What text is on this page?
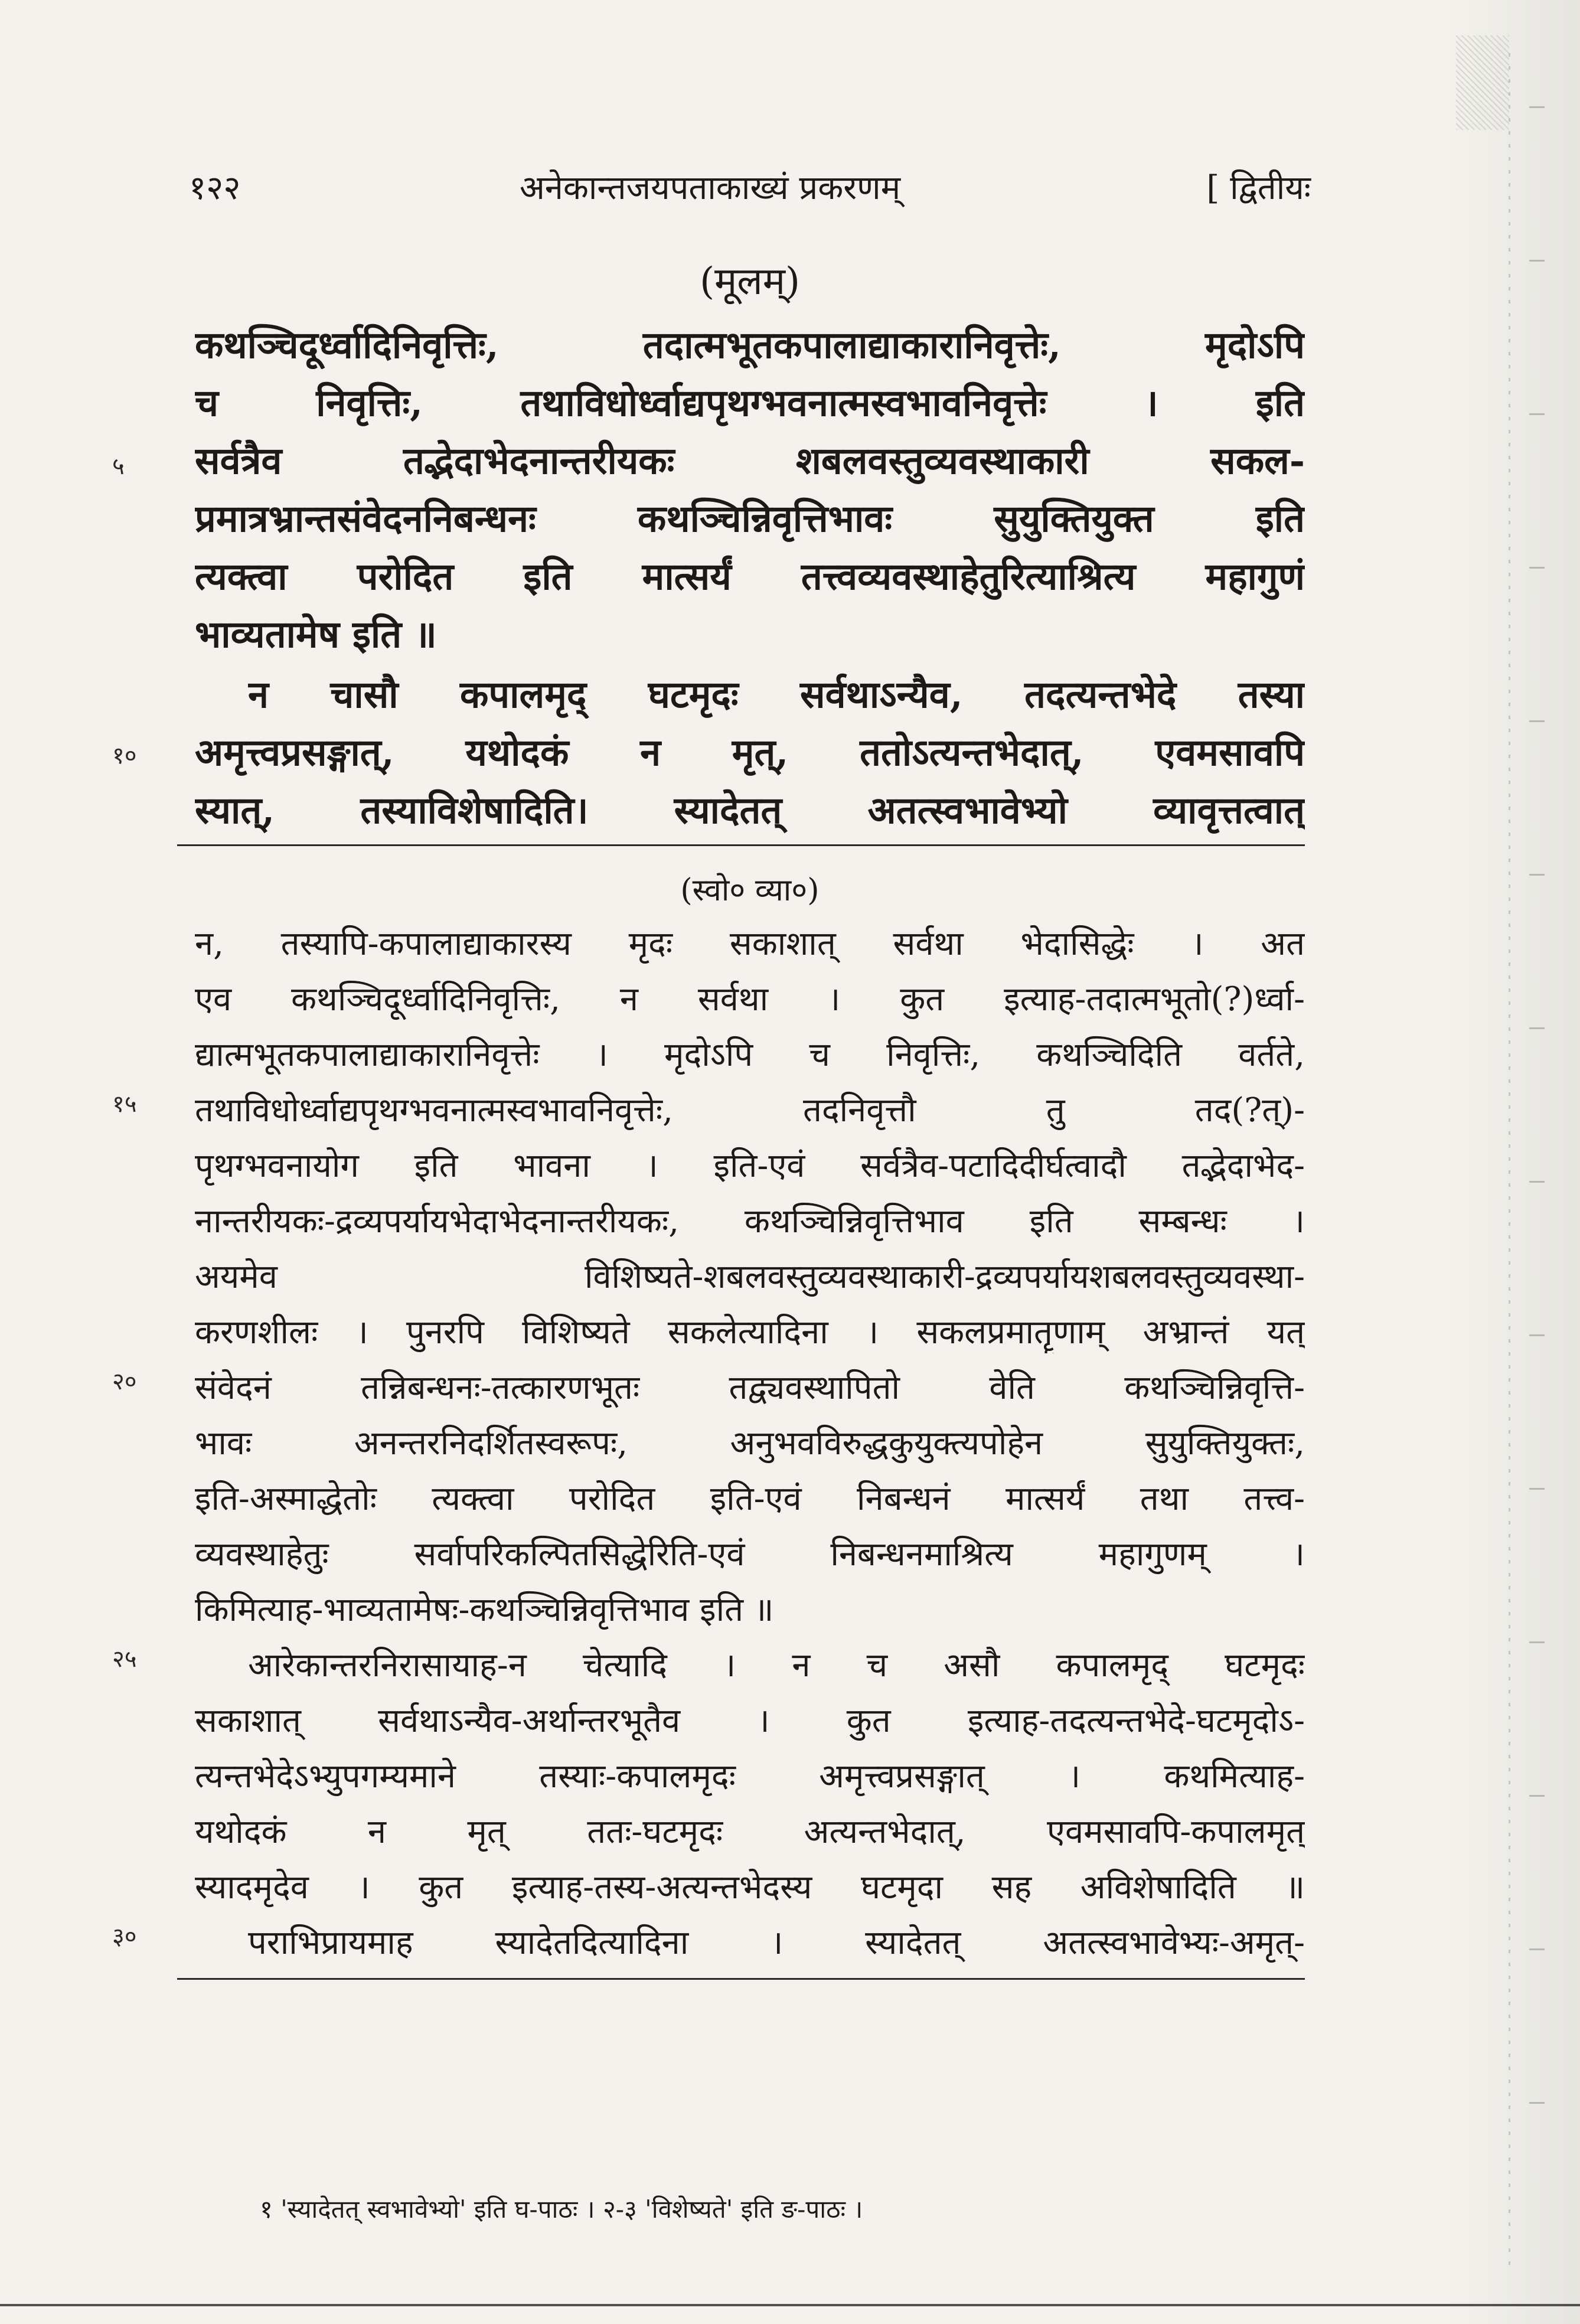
१२२	अनेकान्तजयपताकाख्यं प्रकरणम्	[ द्वितीयः
(मूलम्)
कथञ्चिदूर्ध्वादिनिवृत्तिः, तदात्मभूतकपालाद्याकारानिवृत्तेः, मृदोऽपि
च निवृत्तिः, तथाविधोर्ध्वाद्यपृथग्भवनात्मस्वभावनिवृत्तेः । इति
सर्वत्रैव तद्भेदाभेदनान्तरीयकः शबलवस्तुव्यवस्थाकारी सकल-
प्रमात्रभ्रान्तसंवेदननिबन्धनः कथञ्चिन्निवृत्तिभावः सुयुक्तियुक्त इति
त्यक्त्वा परोदित इति मात्सर्यं तत्त्वव्यवस्थाहेतुरित्याश्रित्य महागुणं
भाव्यतामेष इति ॥
न चासौ कपालमृद् घटमृदः सर्वथाऽन्यैव, तदत्यन्तभेदे तस्या
अमृत्त्वप्रसङ्गात्, यथोदकं न मृत्, ततोऽत्यन्तभेदात्, एवमसावपि
स्यात्, तस्याविशेषादिति। स्यादेतत् अतत्स्वभावेभ्यो व्यावृत्तत्वात्
५
१०
(स्वो० व्या०)
न, तस्यापि-कपालाद्याकारस्य मृदः सकाशात् सर्वथा भेदासिद्धेः । अत
एव कथञ्चिदूर्ध्वादिनिवृत्तिः, न सर्वथा । कुत इत्याह-तदात्मभूतो(?)र्ध्वा-
द्यात्मभूतकपालाद्याकारानिवृत्तेः । मृदोऽपि च निवृत्तिः, कथञ्चिदिति वर्तते,
तथाविधोर्ध्वाद्यपृथग्भवनात्मस्वभावनिवृत्तेः, तदनिवृत्तौ तु तद(?त्)-
पृथग्भवनायोग इति भावना । इति-एवं सर्वत्रैव-पटादिदीर्घत्वादौ तद्भेदाभेद-
नान्तरीयकः-द्रव्यपर्यायभेदाभेदनान्तरीयकः, कथञ्चिन्निवृत्तिभाव इति सम्बन्धः ।
अयमेव विशिष्यते-शबलवस्तुव्यवस्थाकारी-द्रव्यपर्यायशबलवस्तुव्यवस्था-
करणशीलः । पुनरपि विशिष्यते सकलेत्यादिना । सकलप्रमातॄणाम् अभ्रान्तं यत्
संवेदनं तन्निबन्धनः-तत्कारणभूतः तद्व्यवस्थापितो वेति कथञ्चिन्निवृत्ति-
भावः अनन्तरनिदर्शितस्वरूपः, अनुभवविरुद्धकुयुक्त्यपोहेन सुयुक्तियुक्तः,
इति-अस्माद्धेतोः त्यक्त्वा परोदित इति-एवं निबन्धनं मात्सर्यं तथा तत्त्व-
व्यवस्थाहेतुः सर्वापरिकल्पितसिद्धेरिति-एवं निबन्धनमाश्रित्य महागुणम् ।
किमित्याह-भाव्यतामेषः-कथञ्चिन्निवृत्तिभाव इति ॥
आरेकान्तरनिरासायाह-न चेत्यादि । न च असौ कपालमृद् घटमृदः
सकाशात् सर्वथाऽन्यैव-अर्थान्तरभूतैव । कुत इत्याह-तदत्यन्तभेदे-घटमृदोऽ-
त्यन्तभेदेऽभ्युपगम्यमाने तस्याः-कपालमृदः अमृत्त्वप्रसङ्गात् । कथमित्याह-
यथोदकं न मृत् ततः-घटमृदः अत्यन्तभेदात्, एवमसावपि-कपालमृत्
स्यादमृदेव । कुत इत्याह-तस्य-अत्यन्तभेदस्य घटमृदा सह अविशेषादिति ॥
पराभिप्रायमाह स्यादेतदित्यादिना । स्यादेतत् अतत्स्वभावेभ्यः-अमृत्-
१५
२०
२५
३०
१ 'स्यादेतत् स्वभावेभ्यो' इति घ-पाठः । २-३ 'विशेष्यते' इति ङ-पाठः ।
